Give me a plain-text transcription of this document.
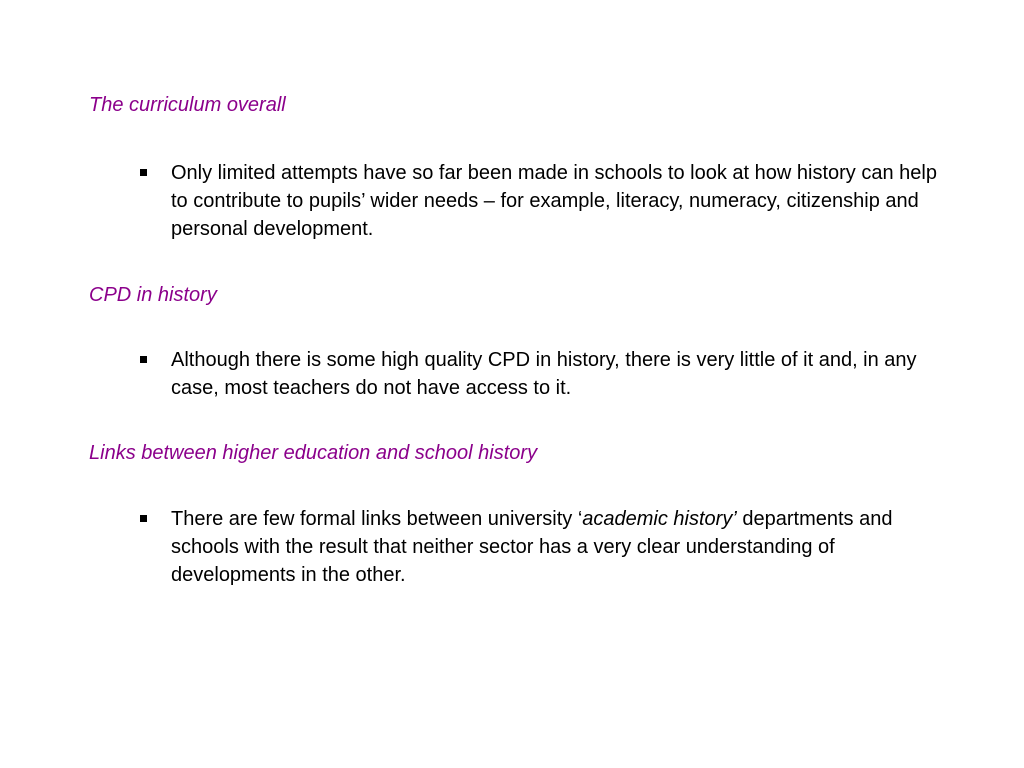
The curriculum overall
Only limited attempts have so far been made in schools to look at how history can help to contribute to pupils’ wider needs – for example, literacy, numeracy, citizenship and personal development.
CPD in history
Although there is some high quality CPD in history, there is very little of it and, in any case, most teachers do not have access to it.
Links between higher education and school history
There are few formal links between university ‘academic history’ departments and schools with the result that neither sector has a very clear understanding of developments in the other.
